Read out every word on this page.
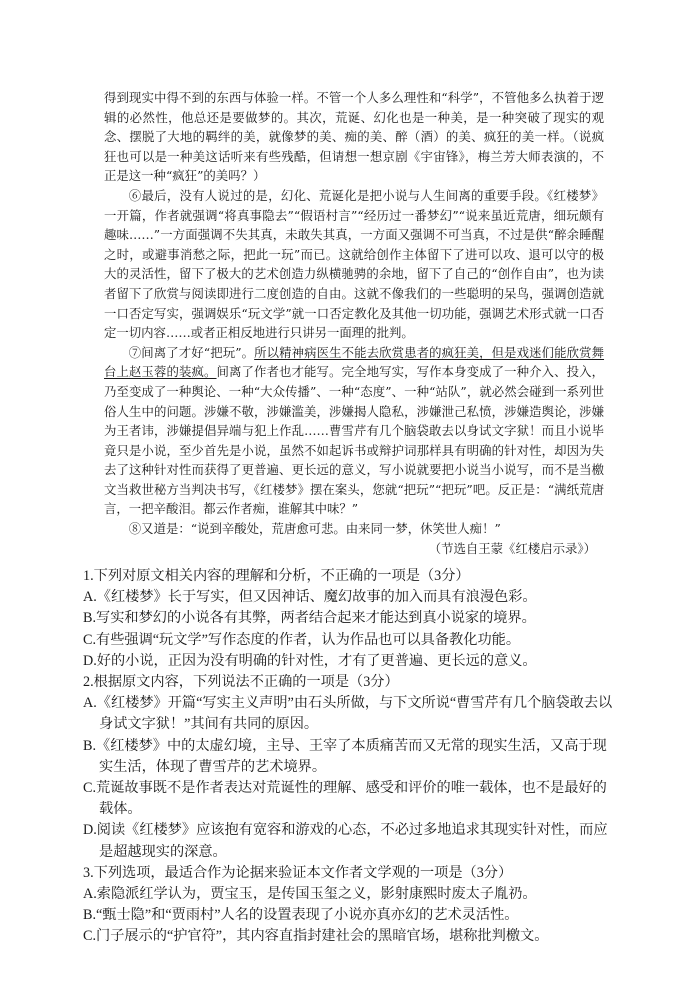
得到现实中得不到的东西与体验一样。不管一个人多么理性和“科学”，不管他多么执着于逻辑的必然性，他总还是要做梦的。其次，荒诞、幻化也是一种美，是一种突破了现实的观念、摆脱了大地的羁绊的美，就像梦的美、痴的美、醉（酒）的美、疯狂的美一样。（说疯狂也可以是一种美这话听来有些残酷，但请想一想京剧《宇宙锋》，梅兰芳大师表演的，不正是这一种“疯狂”的美吗？）

⑥最后，没有人说过的是，幻化、荒诞化是把小说与人生间离的重要手段。《红楼梦》一开篇，作者就强调“将真事隐去”“假语村言”“经历过一番梦幻”“说来虽近荒唐，细玩颇有趣味……”一方面强调不失其真，未敢失其真，一方面又强调不可当真，不过是供“醉余睡醒之时，或避事消愁之际，把此一玩”而已。这就给创作主体留下了进可以攻、退可以守的极大的灵活性，留下了极大的艺术创造力纵横驰骋的余地，留下了自己的“创作自由”，也为读者留下了欣赏与阅读即进行二度创造的自由。这就不像我们的一些聪明的呆鸟，强调创造就一口否定写实，强调娱乐“玩文学”就一口否定教化及其他一切功能，强调艺术形式就一口否定一切内容……或者正相反地进行只讲另一面理的批判。

⑦间离了才好“把玩”。所以精神病医生不能去欣赏患者的疯狂美，但是戏迷们能欣赏舞台上赵玉蓉的装疯。间离了作者也才能写。完全地写实，写作本身变成了一种介入、投入，乃至变成了一种舆论、一种“大众传播”、一种“态度”、一种“站队”，就必然会碰到一系列世俗人生中的问题。涉嫌不敬，涉嫌滥美，涉嫌揭人隐私，涉嫌泄己私愤，涉嫌造舆论，涉嫌为王者讳，涉嫌提倡异端与犯上作乱……曹雪芹有几个脑袋敢去以身试文字狱！而且小说毕竟只是小说，至少首先是小说，虽然不如起诉书或辩护词那样具有明确的针对性，却因为失去了这种针对性而获得了更普遍、更长远的意义，写小说就要把小说当小说写，而不是当檄文当救世秘方当判决书写，《红楼梦》摆在案头，您就“把玩”“把玩”吧。反正是：“满纸荒唐言，一把辛酸泪。都云作者痴，谁解其中味？”

⑧又道是：“说到辛酸处，荒唐愈可悲。由来同一梦，休笑世人痴！”

（节选自王蒙《红楼启示录》）

1.下列对原文相关内容的理解和分析，不正确的一项是（3分）

A.《红楼梦》长于写实，但又因神话、魔幻故事的加入而具有浪漫色彩。

B.写实和梦幻的小说各有其弊，两者结合起来才能达到真小说家的境界。

C.有些强调“玩文学”写作态度的作者，认为作品也可以具备教化功能。

D.好的小说，正因为没有明确的针对性，才有了更普遍、更长远的意义。

2.根据原文内容，下列说法不正确的一项是（3分）

A.《红楼梦》开篇“写实主义声明”由石头所做，与下文所说“曹雪芹有几个脑袋敢去以身试文字狱！”其间有共同的原因。

B.《红楼梦》中的太虚幻境，主导、王宰了本质痛苦而又无常的现实生活，又高于现实生活，体现了曹雪芹的艺术境界。

C.荒诞故事既不是作者表达对荒诞性的理解、感受和评价的唯一载体，也不是最好的载体。

D.阅读《红楼梦》应该抱有宽容和游戏的心态，不必过多地追求其现实针对性，而应是超越现实的深意。

3.下列选项，最适合作为论据来验证本文作者文学观的一项是（3分）

A.索隐派红学认为，贾宝玉，是传国玉玺之义，影射康熙时废太子胤礽。

B.“甄士隐”和“贾雨村”人名的设置表现了小说亦真亦幻的艺术灵活性。

C.门子展示的“护官符”，其内容直指封建社会的黑暗官场，堪称批判檄文。
